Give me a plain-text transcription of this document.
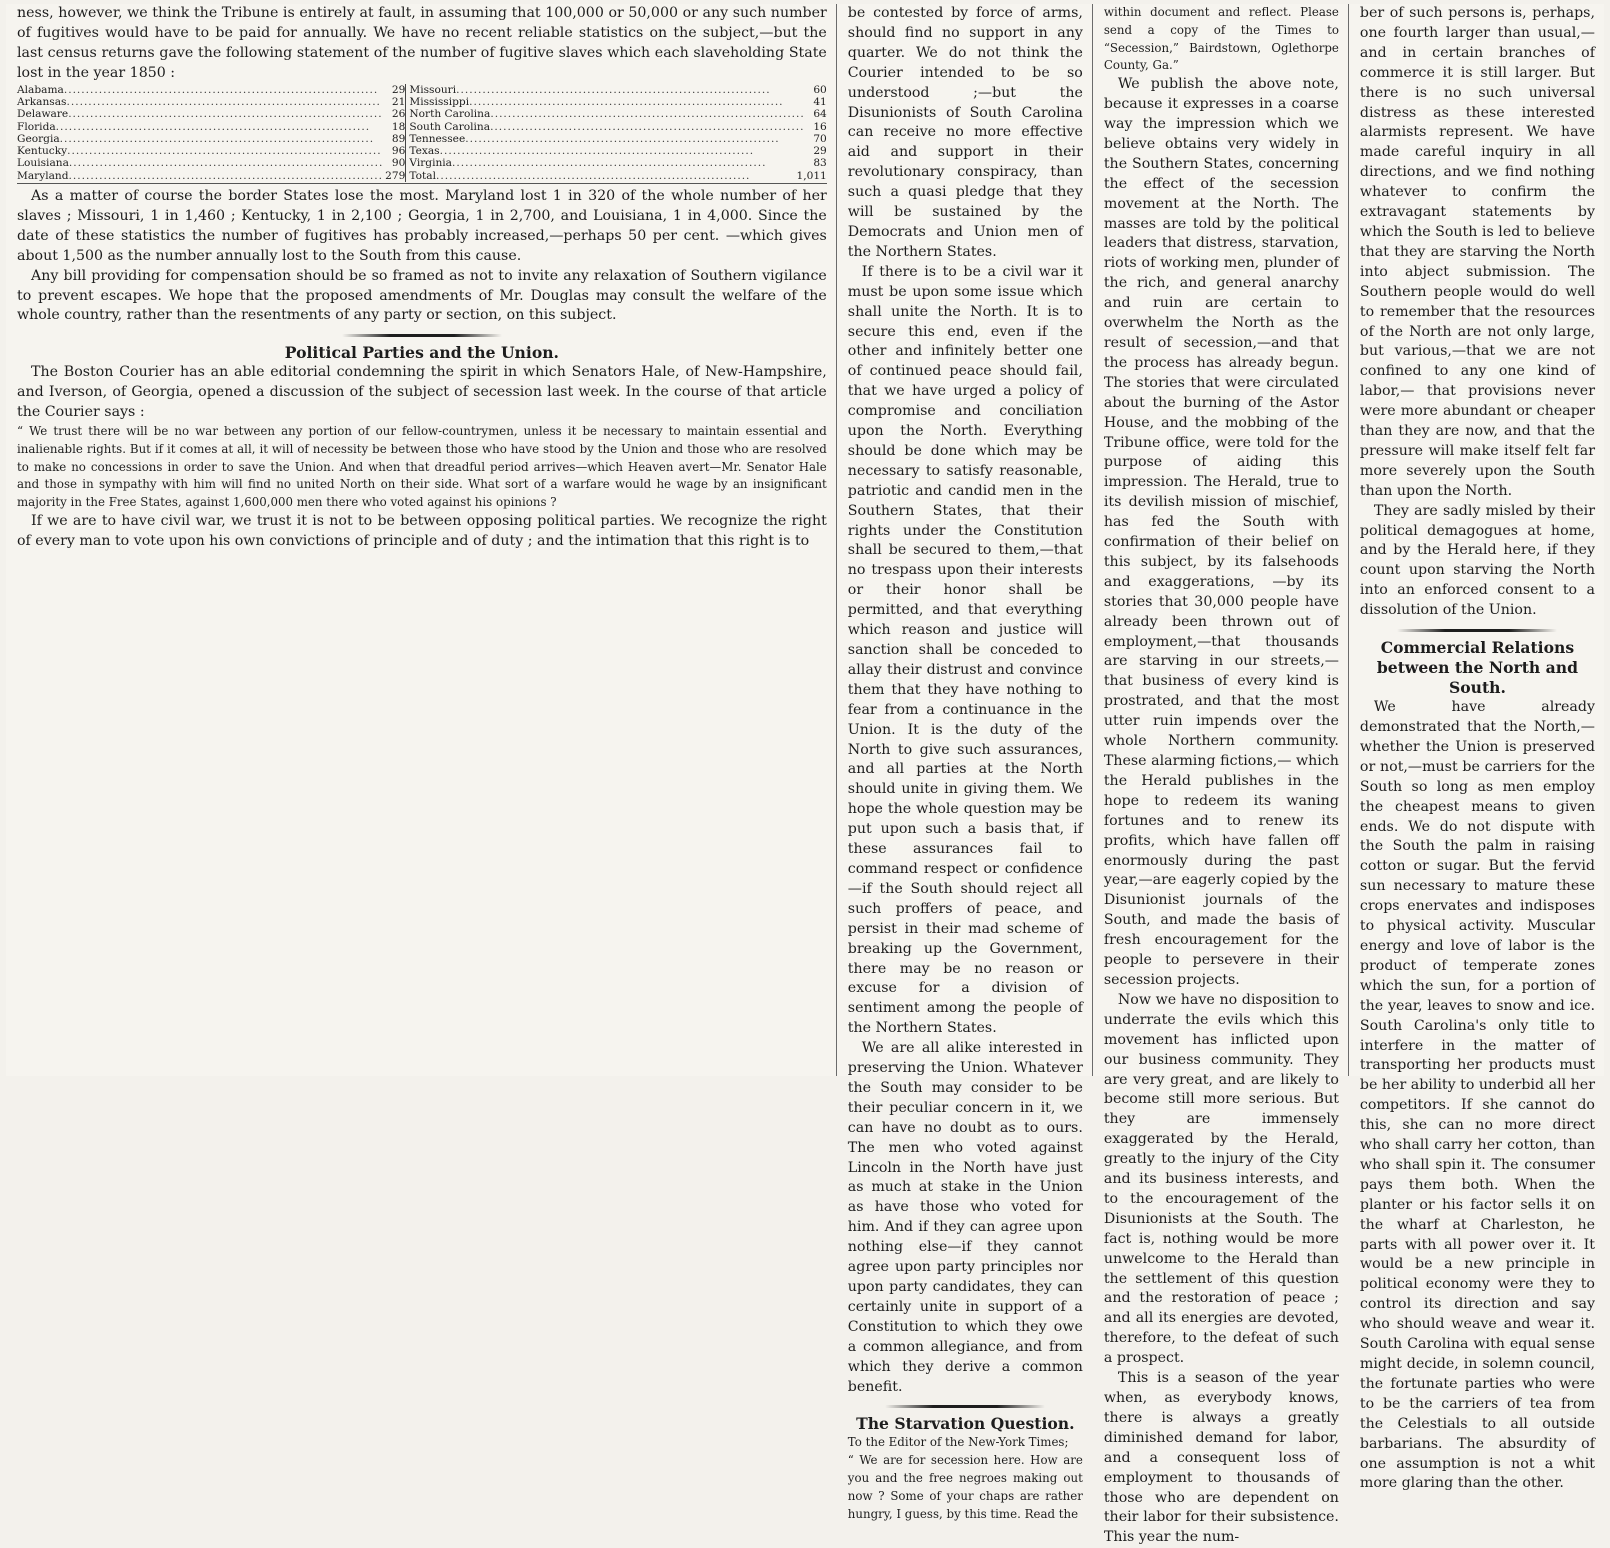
ness, however, we think the Tribune is entirely at fault, in assuming that 100,000 or 50,000 or any such number of fugitives would have to be paid for annually. We have no recent reliable statistics on the subject,—but the last census returns gave the following statement of the number of fugitive slaves which each slaveholding State lost in the year 1850 :

Alabama .....	29
Arkansas .....	21
Delaware .....	26
Florida .....	18
Georgia .....	89
Kentucky .....	96
Louisiana .....	90
Maryland .....	279
Missouri .....	60
Mississippi .....	41
North Carolina .....	64
South Carolina .....	16
Tennessee .....	70
Texas .....	29
Virginia .....	83
Total .....	1,011

As a matter of course the border States lose the most. Maryland lost 1 in 320 of the whole number of her slaves ; Missouri, 1 in 1,460 ; Kentucky, 1 in 2,100 ; Georgia, 1 in 2,700, and Louisiana, 1 in 4,000. Since the date of these statistics the number of fugitives has probably increased,—perhaps 50 per cent. —which gives about 1,500 as the number annually lost to the South from this cause.

Any bill providing for compensation should be so framed as not to invite any relaxation of Southern vigilance to prevent escapes. We hope that the proposed amendments of Mr. Douglas may consult the welfare of the whole country, rather than the resentments of any party or section, on this subject.

Political Parties and the Union.

The Boston Courier has an able editorial condemning the spirit in which Senators Hale, of New-Hampshire, and Iverson, of Georgia, opened a discussion of the subject of secession last week. In the course of that article the Courier says :

“ We trust there will be no war between any portion of our fellow-countrymen, unless it be necessary to maintain essential and inalienable rights. But if it comes at all, it will of necessity be between those who have stood by the Union and those who are resolved to make no concessions in order to save the Union. And when that dreadful period arrives—which Heaven avert—Mr. Senator Hale and those in sympathy with him will find no united North on their side. What sort of a warfare would he wage by an insignificant majority in the Free States, against 1,600,000 men there who voted against his opinions ?

If we are to have civil war, we trust it is not to be between opposing political parties. We recognize the right of every man to vote upon his own convictions of principle and of duty ; and the intimation that this right is to

be contested by force of arms, should find no support in any quarter. We do not think the Courier intended to be so understood ;—but the Disunionists of South Carolina can receive no more effective aid and support in their revolutionary conspiracy, than such a quasi pledge that they will be sustained by the Democrats and Union men of the Northern States.

If there is to be a civil war it must be upon some issue which shall unite the North. It is to secure this end, even if the other and infinitely better one of continued peace should fail, that we have urged a policy of compromise and conciliation upon the North. Everything should be done which may be necessary to satisfy reasonable, patriotic and candid men in the Southern States, that their rights under the Constitution shall be secured to them,—that no trespass upon their interests or their honor shall be permitted, and that everything which reason and justice will sanction shall be conceded to allay their distrust and convince them that they have nothing to fear from a continuance in the Union. It is the duty of the North to give such assurances, and all parties at the North should unite in giving them. We hope the whole question may be put upon such a basis that, if these assurances fail to command respect or confidence—if the South should reject all such proffers of peace, and persist in their mad scheme of breaking up the Government, there may be no reason or excuse for a division of sentiment among the people of the Northern States.

We are all alike interested in preserving the Union. Whatever the South may consider to be their peculiar concern in it, we can have no doubt as to ours. The men who voted against Lincoln in the North have just as much at stake in the Union as have those who voted for him. And if they can agree upon nothing else—if they cannot agree upon party principles nor upon party candidates, they can certainly unite in support of a Constitution to which they owe a common allegiance, and from which they derive a common benefit.

The Starvation Question.

To the Editor of the New-York Times;

“ We are for secession here. How are you and the free negroes making out now ? Some of your chaps are rather hungry, I guess, by this time. Read the

within document and reflect. Please send a copy of the Times to “Secession,” Bairdstown, Oglethorpe County, Ga.”

We publish the above note, because it expresses in a coarse way the impression which we believe obtains very widely in the Southern States, concerning the effect of the secession movement at the North. The masses are told by the political leaders that distress, starvation, riots of working men, plunder of the rich, and general anarchy and ruin are certain to overwhelm the North as the result of secession,—and that the process has already begun. The stories that were circulated about the burning of the Astor House, and the mobbing of the Tribune office, were told for the purpose of aiding this impression. The Herald, true to its devilish mission of mischief, has fed the South with confirmation of their belief on this subject, by its falsehoods and exaggerations, —by its stories that 30,000 people have already been thrown out of employment,—that thousands are starving in our streets,—that business of every kind is prostrated, and that the most utter ruin impends over the whole Northern community. These alarming fictions,— which the Herald publishes in the hope to redeem its waning fortunes and to renew its profits, which have fallen off enormously during the past year,—are eagerly copied by the Disunionist journals of the South, and made the basis of fresh encouragement for the people to persevere in their secession projects.

Now we have no disposition to underrate the evils which this movement has inflicted upon our business community. They are very great, and are likely to become still more serious. But they are immensely exaggerated by the Herald, greatly to the injury of the City and its business interests, and to the encouragement of the Disunionists at the South. The fact is, nothing would be more unwelcome to the Herald than the settlement of this question and the restoration of peace ; and all its energies are devoted, therefore, to the defeat of such a prospect.

This is a season of the year when, as everybody knows, there is always a greatly diminished demand for labor, and a consequent loss of employment to thousands of those who are dependent on their labor for their subsistence. This year the num-

ber of such persons is, perhaps, one fourth larger than usual,—and in certain branches of commerce it is still larger. But there is no such universal distress as these interested alarmists represent. We have made careful inquiry in all directions, and we find nothing whatever to confirm the extravagant statements by which the South is led to believe that they are starving the North into abject submission. The Southern people would do well to remember that the resources of the North are not only large, but various,—that we are not confined to any one kind of labor,— that provisions never were more abundant or cheaper than they are now, and that the pressure will make itself felt far more severely upon the South than upon the North.

They are sadly misled by their political demagogues at home, and by the Herald here, if they count upon starving the North into an enforced consent to a dissolution of the Union.

Commercial Relations between the North and South.

We have already demonstrated that the North,—whether the Union is preserved or not,—must be carriers for the South so long as men employ the cheapest means to given ends. We do not dispute with the South the palm in raising cotton or sugar. But the fervid sun necessary to mature these crops enervates and indisposes to physical activity. Muscular energy and love of labor is the product of temperate zones which the sun, for a portion of the year, leaves to snow and ice. South Carolina's only title to interfere in the matter of transporting her products must be her ability to underbid all her competitors. If she cannot do this, she can no more direct who shall carry her cotton, than who shall spin it. The consumer pays them both. When the planter or his factor sells it on the wharf at Charleston, he parts with all power over it. It would be a new principle in political economy were they to control its direction and say who should weave and wear it. South Carolina with equal sense might decide, in solemn council, the fortunate parties who were to be the carriers of tea from the Celestials to all outside barbarians. The absurdity of one assumption is not a whit more glaring than the other.
